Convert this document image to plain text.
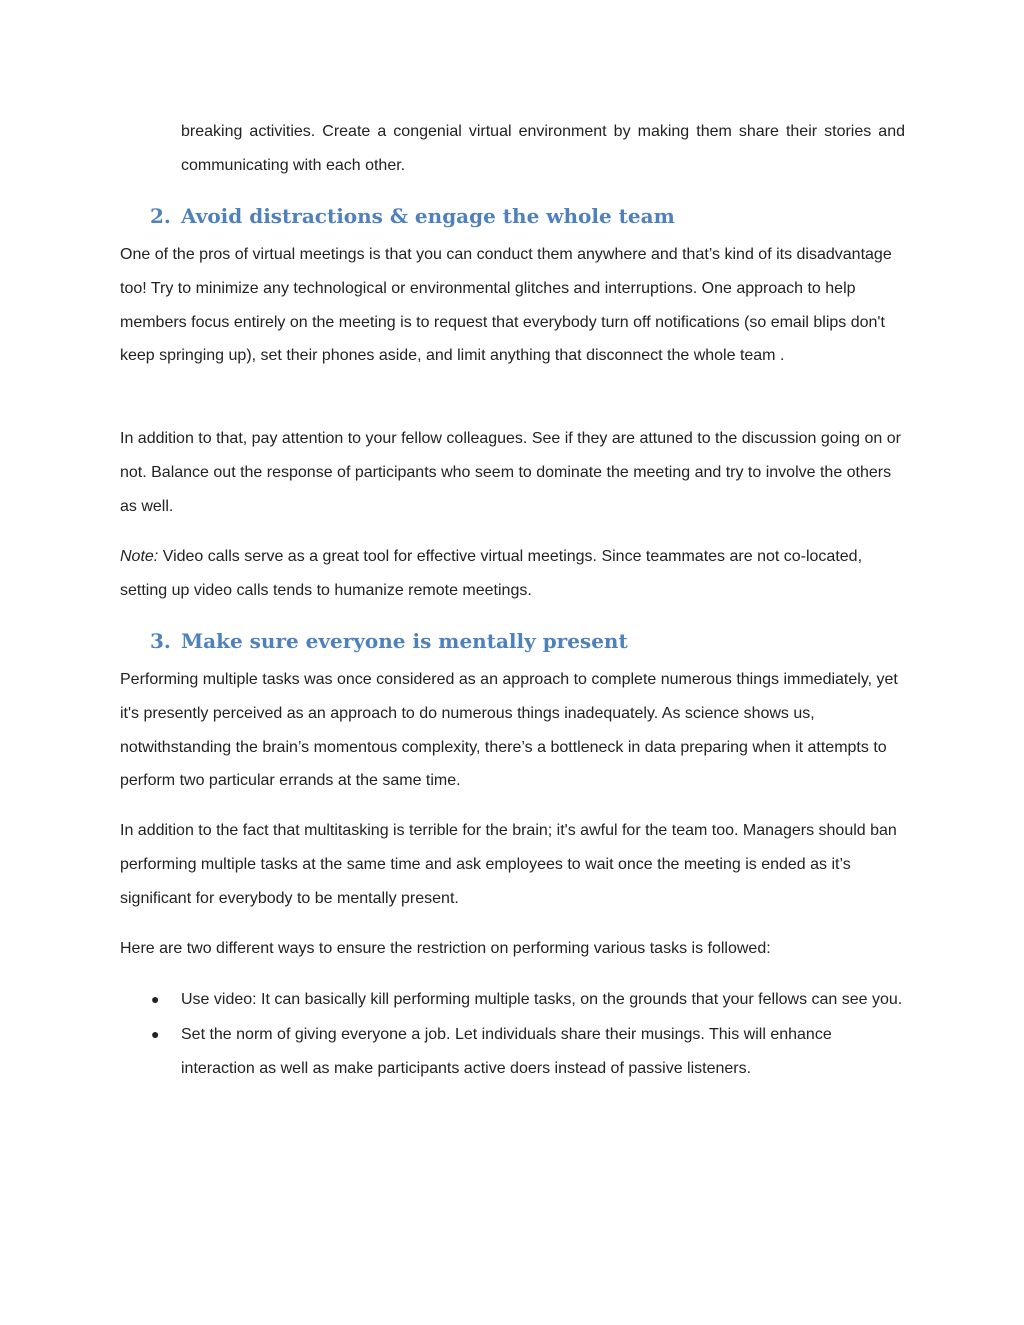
breaking activities. Create a congenial virtual environment by making them share their stories and communicating with each other.

2. Avoid distractions & engage the whole team

One of the pros of virtual meetings is that you can conduct them anywhere and that’s kind of its disadvantage too! Try to minimize any technological or environmental glitches and interruptions. One approach to help members focus entirely on the meeting is to request that everybody turn off notifications (so email blips don't keep springing up), set their phones aside, and limit anything that disconnect the whole team .

In addition to that, pay attention to your fellow colleagues. See if they are attuned to the discussion going on or not. Balance out the response of participants who seem to dominate the meeting and try to involve the others as well.

Note: Video calls serve as a great tool for effective virtual meetings. Since teammates are not co-located, setting up video calls tends to humanize remote meetings.

3. Make sure everyone is mentally present

Performing multiple tasks was once considered as an approach to complete numerous things immediately, yet it's presently perceived as an approach to do numerous things inadequately. As science shows us, notwithstanding the brain’s momentous complexity, there’s a bottleneck in data preparing when it attempts to perform two particular errands at the same time.

In addition to the fact that multitasking is terrible for the brain; it's awful for the team too. Managers should ban performing multiple tasks at the same time and ask employees to wait once the meeting is ended as it’s significant for everybody to be mentally present.

Here are two different ways to ensure the restriction on performing various tasks is followed:

● Use video: It can basically kill performing multiple tasks, on the grounds that your fellows can see you.
● Set the norm of giving everyone a job. Let individuals share their musings. This will enhance interaction as well as make participants active doers instead of passive listeners.
